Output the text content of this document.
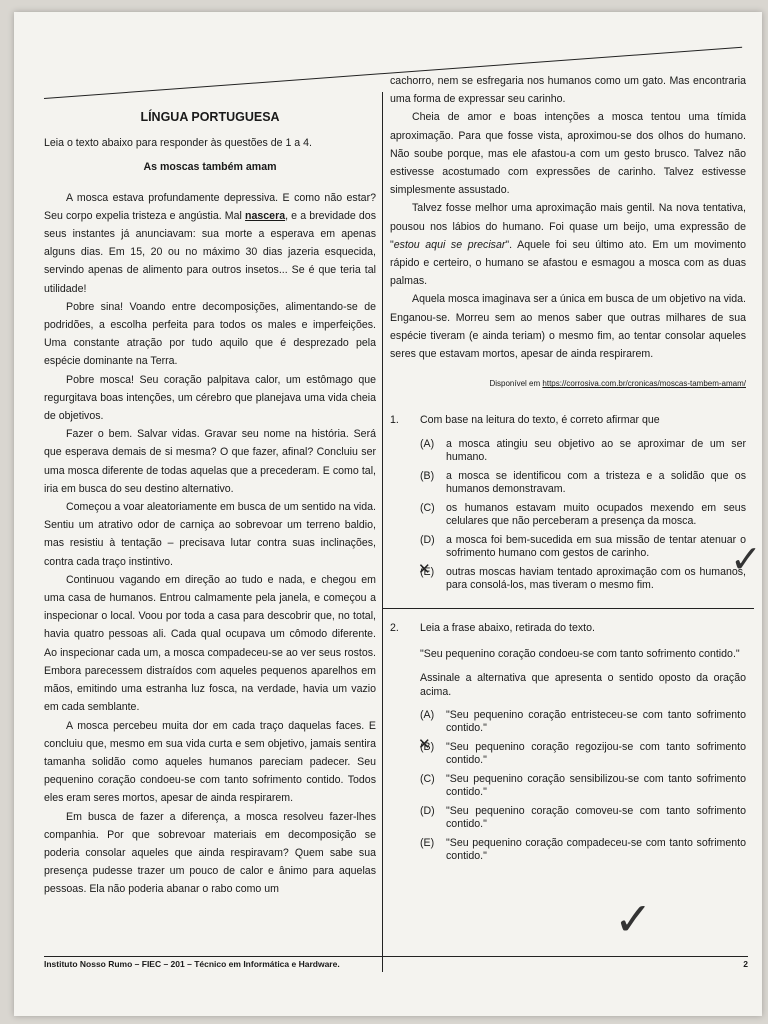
LÍNGUA PORTUGUESA

Leia o texto abaixo para responder às questões de 1 a 4.

As moscas também amam

A mosca estava profundamente depressiva. E como não estar? Seu corpo expelia tristeza e angústia. Mal nascera, e a brevidade dos seus instantes já anunciavam: sua morte a esperava em apenas alguns dias. Em 15, 20 ou no máximo 30 dias jazeria esquecida, servindo apenas de alimento para outros insetos... Se é que teria tal utilidade!

Pobre sina! Voando entre decomposições, alimentando-se de podridões, a escolha perfeita para todos os males e imperfeições. Uma constante atração por tudo aquilo que é desprezado pela espécie dominante na Terra.

Pobre mosca! Seu coração palpitava calor, um estômago que regurgitava boas intenções, um cérebro que planejava uma vida cheia de objetivos.

Fazer o bem. Salvar vidas. Gravar seu nome na história. Será que esperava demais de si mesma? O que fazer, afinal? Concluiu ser uma mosca diferente de todas aquelas que a precederam. E como tal, iria em busca do seu destino alternativo.

Começou a voar aleatoriamente em busca de um sentido na vida. Sentiu um atrativo odor de carniça ao sobrevoar um terreno baldio, mas resistiu à tentação – precisava lutar contra suas inclinações, contra cada traço instintivo.

Continuou vagando em direção ao tudo e nada, e chegou em uma casa de humanos. Entrou calmamente pela janela, e começou a inspecionar o local. Voou por toda a casa para descobrir que, no total, havia quatro pessoas ali. Cada qual ocupava um cômodo diferente. Ao inspecionar cada um, a mosca compadeceu-se ao ver seus rostos. Embora parecessem distraídos com aqueles pequenos aparelhos em mãos, emitindo uma estranha luz fosca, na verdade, havia um vazio em cada semblante.

A mosca percebeu muita dor em cada traço daquelas faces. E concluiu que, mesmo em sua vida curta e sem objetivo, jamais sentira tamanha solidão como aqueles humanos pareciam padecer. Seu pequenino coração condoeu-se com tanto sofrimento contido. Todos eles eram seres mortos, apesar de ainda respirarem.

Em busca de fazer a diferença, a mosca resolveu fazer-lhes companhia. Por que sobrevoar materiais em decomposição se poderia consolar aqueles que ainda respiravam? Quem sabe sua presença pudesse trazer um pouco de calor e ânimo para aquelas pessoas. Ela não poderia abanar o rabo como um

cachorro, nem se esfregaria nos humanos como um gato. Mas encontraria uma forma de expressar seu carinho.

Cheia de amor e boas intenções a mosca tentou uma tímida aproximação. Para que fosse vista, aproximou-se dos olhos do humano. Não soube porque, mas ele afastou-a com um gesto brusco. Talvez não estivesse acostumado com expressões de carinho. Talvez estivesse simplesmente assustado.

Talvez fosse melhor uma aproximação mais gentil. Na nova tentativa, pousou nos lábios do humano. Foi quase um beijo, uma expressão de "estou aqui se precisar". Aquele foi seu último ato. Em um movimento rápido e certeiro, o humano se afastou e esmagou a mosca com as duas palmas.

Aquela mosca imaginava ser a única em busca de um objetivo na vida. Enganou-se. Morreu sem ao menos saber que outras milhares de sua espécie tiveram (e ainda teriam) o mesmo fim, ao tentar consolar aqueles seres que estavam mortos, apesar de ainda respirarem.

Disponível em https://corrosiva.com.br/cronicas/moscas-tambem-amam/
1.	Com base na leitura do texto, é correto afirmar que

(A)	a mosca atingiu seu objetivo ao se aproximar de um ser humano.
(B)	a mosca se identificou com a tristeza e a solidão que os humanos demonstravam.
(C)	os humanos estavam muito ocupados mexendo em seus celulares que não perceberam a presença da mosca.
(D)	a mosca foi bem-sucedida em sua missão de tentar atenuar o sofrimento humano com gestos de carinho.
(E) ✕	outras moscas haviam tentado aproximação com os humanos, para consolá-los, mas tiveram o mesmo fim.
2.	Leia a frase abaixo, retirada do texto.

"Seu pequenino coração condoeu-se com tanto sofrimento contido."

Assinale a alternativa que apresenta o sentido oposto da oração acima.

(A)	"Seu pequenino coração entristeceu-se com tanto sofrimento contido."
(B) ✕	"Seu pequenino coração regozijou-se com tanto sofrimento contido."
(C)	"Seu pequenino coração sensibilizou-se com tanto sofrimento contido."
(D)	"Seu pequenino coração comoveu-se com tanto sofrimento contido."
(E)	"Seu pequenino coração compadeceu-se com tanto sofrimento contido."
✓
✓
Instituto Nosso Rumo – FIEC – 201 – Técnico em Informática e Hardware.	2
